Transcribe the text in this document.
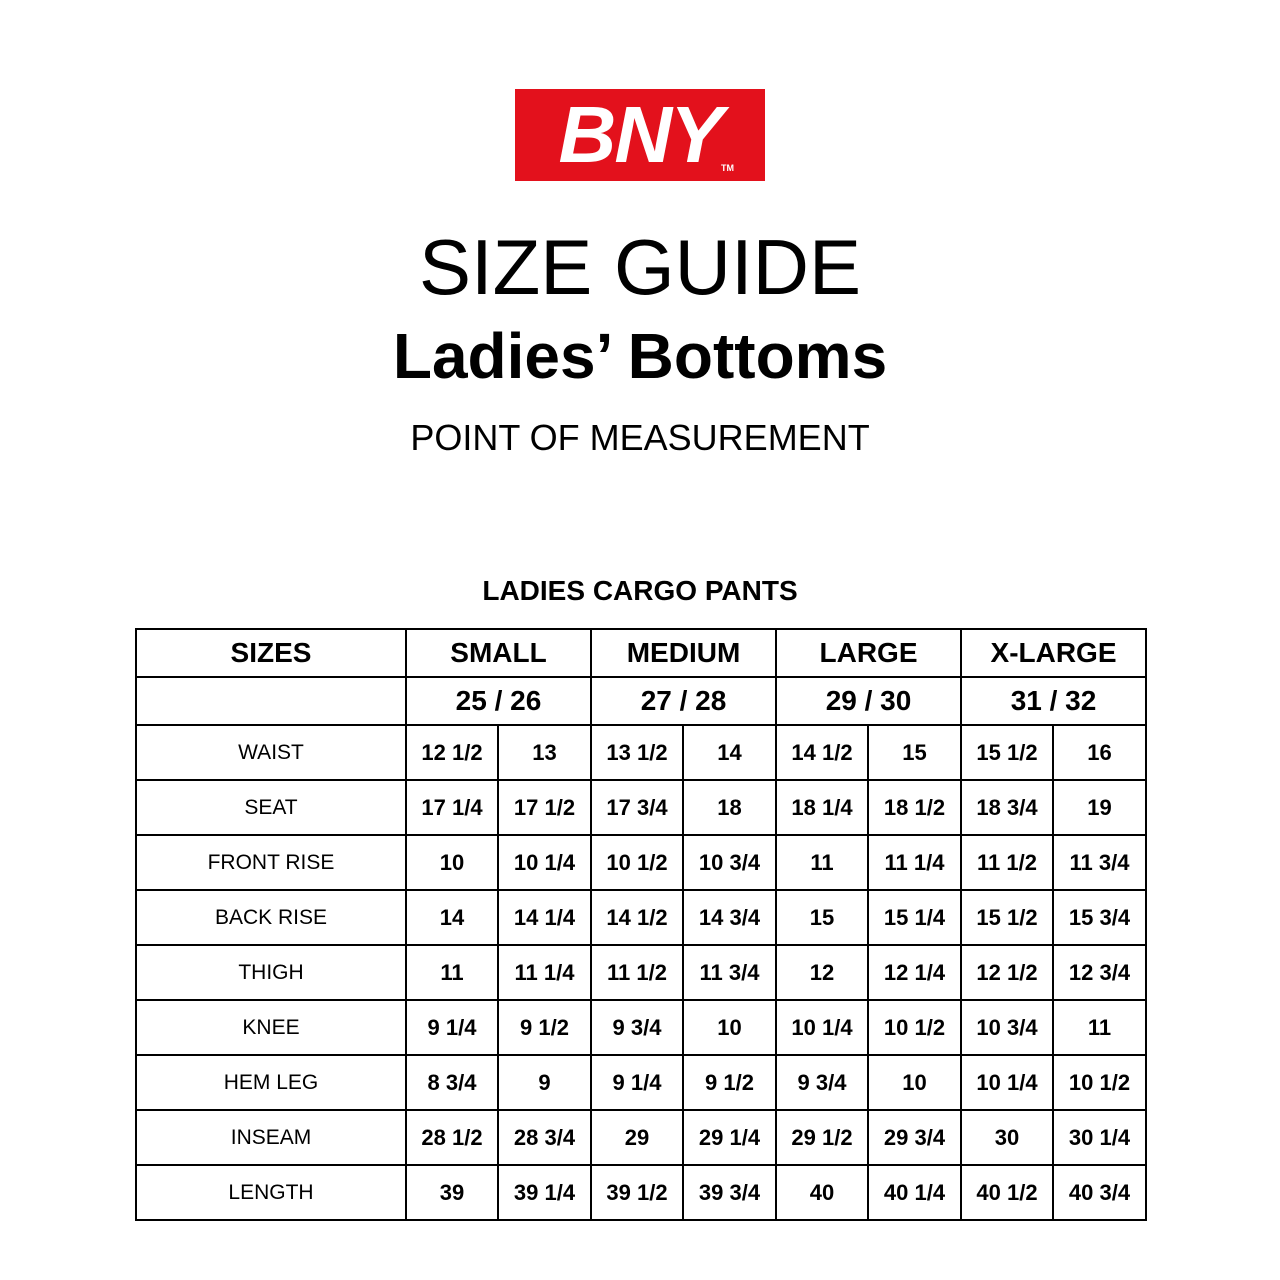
BNY TM
SIZE GUIDE
Ladies’ Bottoms
POINT OF MEASUREMENT
LADIES CARGO PANTS
SIZES	SMALL		MEDIUM		LARGE		X-LARGE	
	25 / 26		27 / 28		29 / 30		31 / 32	
WAIST	12 1/2	13	13 1/2	14	14 1/2	15	15 1/2	16
SEAT	17 1/4	17 1/2	17 3/4	18	18 1/4	18 1/2	18 3/4	19
FRONT RISE	10	10 1/4	10 1/2	10 3/4	11	11 1/4	11 1/2	11 3/4
BACK RISE	14	14 1/4	14 1/2	14 3/4	15	15 1/4	15 1/2	15 3/4
THIGH	11	11 1/4	11 1/2	11 3/4	12	12 1/4	12 1/2	12 3/4
KNEE	9 1/4	9 1/2	9 3/4	10	10 1/4	10 1/2	10 3/4	11
HEM LEG	8 3/4	9	9 1/4	9 1/2	9 3/4	10	10 1/4	10 1/2
INSEAM	28 1/2	28 3/4	29	29 1/4	29 1/2	29 3/4	30	30 1/4
LENGTH	39	39 1/4	39 1/2	39 3/4	40	40 1/4	40 1/2	40 3/4
